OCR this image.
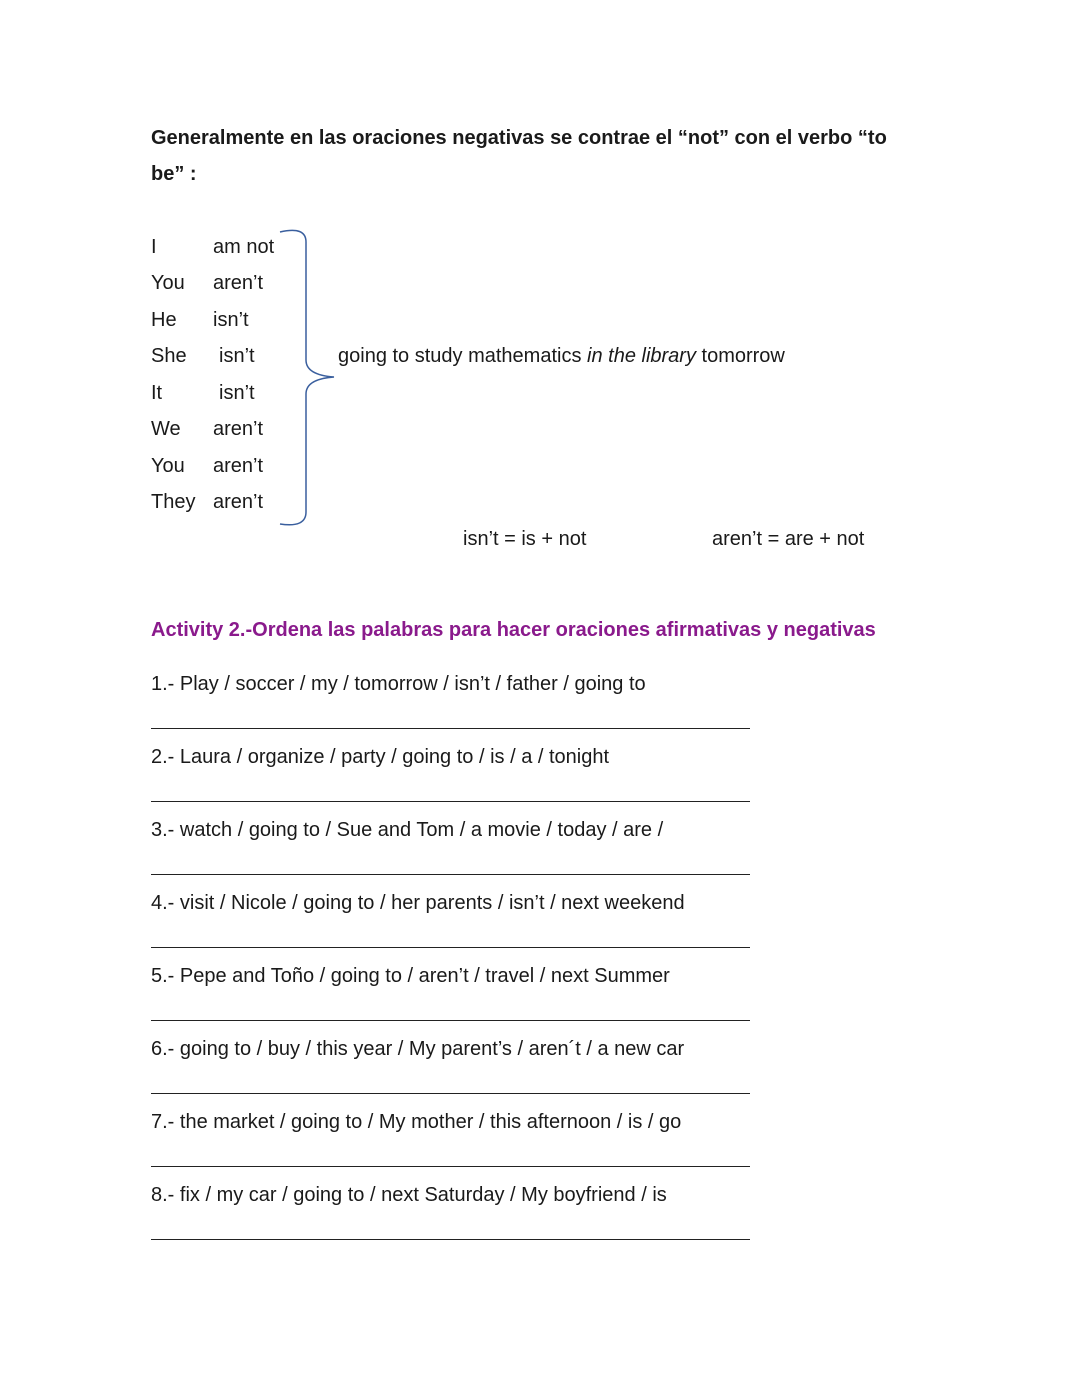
Generalmente en las oraciones negativas se contrae el “not” con el verbo “to
be” :
I	am not
You aren’t
He isn’t
She isn’t
It	isn’t
We aren’t
You aren’t
They aren’t
going to study mathematics in the library tomorrow
isn’t = is + not	aren’t = are + not
Activity 2.-Ordena las palabras para hacer oraciones afirmativas y negativas
1.- Play / soccer / my / tomorrow / isn’t / father / going to
2.- Laura / organize / party / going to / is / a / tonight
3.- watch / going to / Sue and Tom / a movie / today / are /
4.- visit / Nicole / going to / her parents / isn’t / next weekend
5.- Pepe and Toño / going to / aren’t / travel / next Summer
6.- going to / buy / this year / My parent’s / aren´t / a new car
7.- the market / going to / My mother / this afternoon / is / go
8.- fix / my car / going to / next Saturday / My boyfriend / is
